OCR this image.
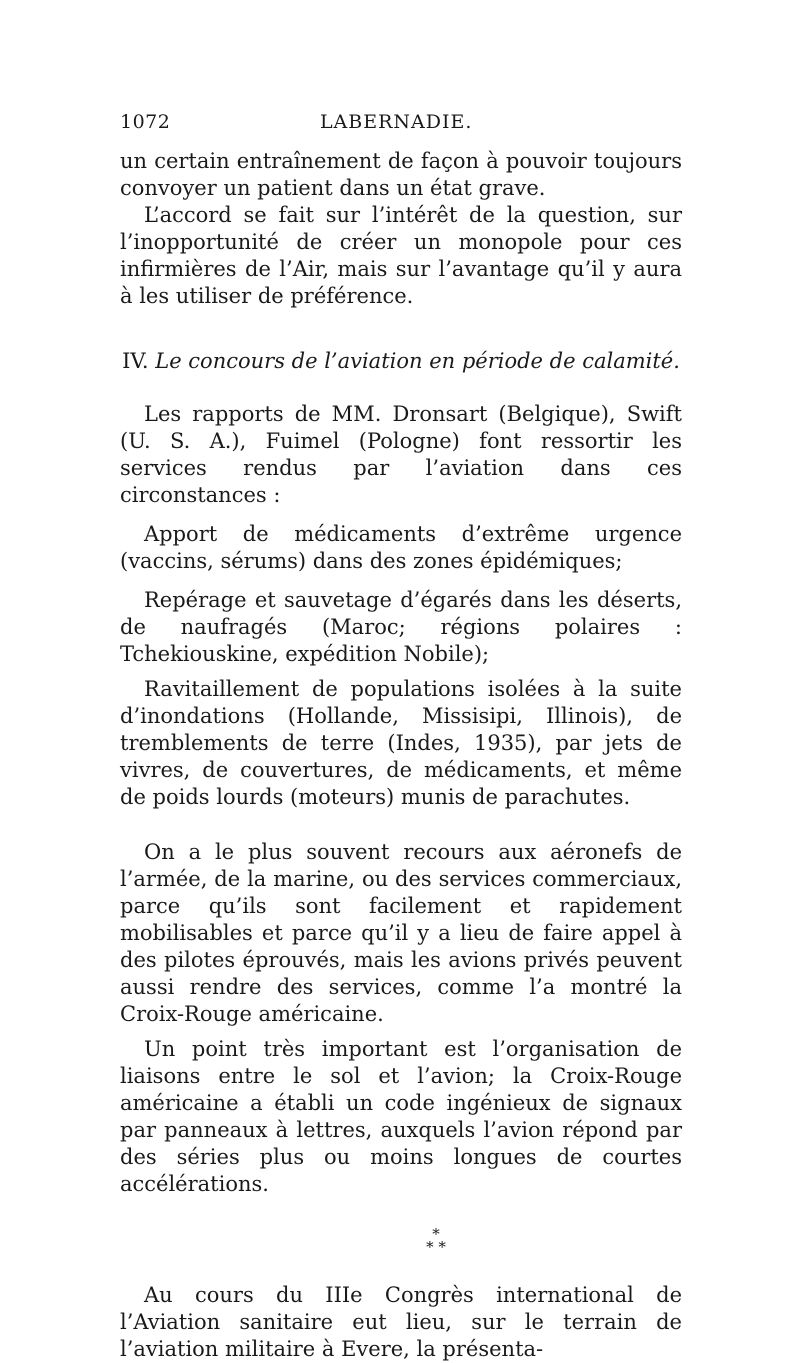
1072	LABERNADIE.

un certain entraînement de façon à pouvoir toujours convoyer un patient dans un état grave.

L’accord se fait sur l’intérêt de la question, sur l’inopportunité de créer un monopole pour ces infirmières de l’Air, mais sur l’avantage qu’il y aura à les utiliser de préférence.

IV. Le concours de l’aviation en période de calamité.

Les rapports de MM. Dronsart (Belgique), Swift (U. S. A.), Fuimel (Pologne) font ressortir les services rendus par l’aviation dans ces circonstances :

Apport de médicaments d’extrême urgence (vaccins, sérums) dans des zones épidémiques;

Repérage et sauvetage d’égarés dans les déserts, de naufragés (Maroc; régions polaires : Tchekiouskine, expédition Nobile);

Ravitaillement de populations isolées à la suite d’inondations (Hollande, Missisipi, Illinois), de tremblements de terre (Indes, 1935), par jets de vivres, de couvertures, de médicaments, et même de poids lourds (moteurs) munis de parachutes.

On a le plus souvent recours aux aéronefs de l’armée, de la marine, ou des services commerciaux, parce qu’ils sont facilement et rapidement mobilisables et parce qu’il y a lieu de faire appel à des pilotes éprouvés, mais les avions privés peuvent aussi rendre des services, comme l’a montré la Croix-Rouge américaine.

Un point très important est l’organisation de liaisons entre le sol et l’avion; la Croix-Rouge américaine a établi un code ingénieux de signaux par panneaux à lettres, auxquels l’avion répond par des séries plus ou moins longues de courtes accélérations.

*
* *

Au cours du IIIe Congrès international de l’Aviation sanitaire eut lieu, sur le terrain de l’aviation militaire à Evere, la présenta-
